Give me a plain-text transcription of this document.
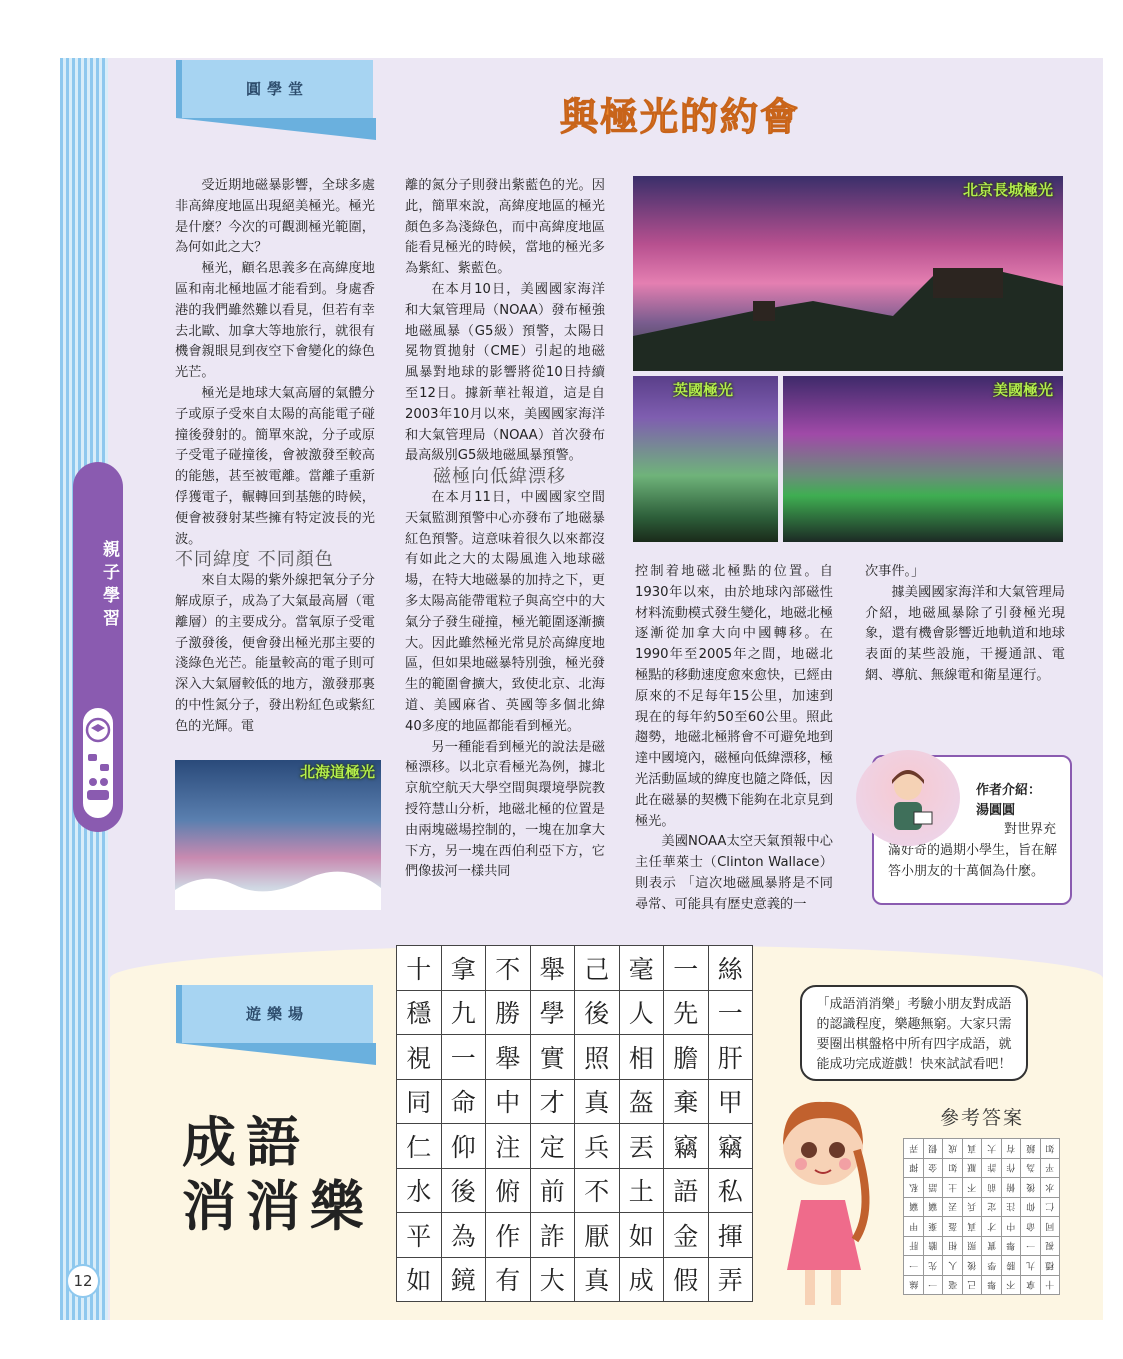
親子學習
12
圓學堂
與極光的約會

受近期地磁暴影響，全球多處非高緯度地區出現絕美極光。極光是什麼？今次的可觀測極光範圍，為何如此之大？

極光，顧名思義多在高緯度地區和南北極地區才能看到。身處香港的我們雖然難以看見，但若有幸去北歐、加拿大等地旅行，就很有機會親眼見到夜空下會變化的綠色光芒。

極光是地球大氣高層的氣體分子或原子受來自太陽的高能電子碰撞後發射的。簡單來說，分子或原子受電子碰撞後，會被激發至較高的能態，甚至被電離。當離子重新俘獲電子，輾轉回到基態的時候，便會被發射某些擁有特定波長的光波。

不同緯度 不同顏色

來自太陽的紫外線把氧分子分解成原子，成為了大氣最高層（電離層）的主要成分。當氧原子受電子激發後，便會發出極光那主要的淺綠色光芒。能量較高的電子則可深入大氣層較低的地方，激發那裏的中性氮分子，發出粉紅色或紫紅色的光輝。電

離的氮分子則發出紫藍色的光。因此，簡單來說，高緯度地區的極光顏色多為淺綠色，而中高緯度地區能看見極光的時候，當地的極光多為紫紅、紫藍色。

在本月10日，美國國家海洋和大氣管理局（NOAA）發布極強地磁風暴（G5級）預警，太陽日冕物質拋射（CME）引起的地磁風暴對地球的影響將從10日持續至12日。據新華社報道，這是自2003年10月以來，美國國家海洋和大氣管理局（NOAA）首次發布最高級別G5級地磁風暴預警。

磁極向低緯漂移

在本月11日，中國國家空間天氣監測預警中心亦發布了地磁暴紅色預警。這意味着很久以來都沒有如此之大的太陽風進入地球磁場，在特大地磁暴的加持之下，更多太陽高能帶電粒子與高空中的大氣分子發生碰撞，極光範圍逐漸擴大。因此雖然極光常見於高緯度地區，但如果地磁暴特別強，極光發生的範圍會擴大，致使北京、北海道、美國麻省、英國等多個北緯40多度的地區都能看到極光。

另一種能看到極光的說法是磁極漂移。以北京看極光為例，據北京航空航天大學空間與環境學院教授符慧山分析，地磁北極的位置是由兩塊磁場控制的，一塊在加拿大下方，另一塊在西伯利亞下方，它們像拔河一樣共同

控制着地磁北極點的位置。自1930年以來，由於地球內部磁性材料流動模式發生變化，地磁北極逐漸從加拿大向中國轉移。在1990年至2005年之間，地磁北極點的移動速度愈來愈快，已經由原來的不足每年15公里，加速到現在的每年約50至60公里。照此趨勢，地磁北極將會不可避免地到達中國境內，磁極向低緯漂移，極光活動區域的緯度也隨之降低，因此在磁暴的契機下能夠在北京見到極光。

美國NOAA太空天氣預報中心主任華萊士（Clinton Wallace）則表示 「這次地磁風暴將是不同尋常、可能具有歷史意義的一

次事件。」

據美國國家海洋和大氣管理局介紹，地磁風暴除了引發極光現象，還有機會影響近地軌道和地球表面的某些設施，干擾通訊、電網、導航、無線電和衛星運行。

北京長城極光
英國極光	美國極光
北海道極光
作者介紹：
湯圓圓
對世界充滿好奇的過期小學生，旨在解答小朋友的十萬個為什麼。
遊樂場
成語
消消樂
十	拿	不	舉	己	毫	一	絲
穩	九	勝	學	後	人	先	一
視	一	舉	實	照	相	膽	肝
同	命	中	才	真	盔	棄	甲
仁	仰	注	定	兵	丟	竊	竊
水	後	俯	前	不	土	語	私
平	為	作	詐	厭	如	金	揮
如	鏡	有	大	真	成	假	弄
「成語消消樂」考驗小朋友對成語的認識程度，樂趣無窮。大家只需要圈出棋盤格中所有四字成語，就能成功完成遊戲！快來試試看吧！
參考答案
弄	假	成	真	大	有	鏡	如
揮	金	如	厭	詐	作	為	平
私	語	土	不	前	俯	後	水
竊	竊	丟	兵	定	注	仰	仁
甲	棄	盔	真	才	中	命	同
肝	膽	相	照	實	舉	一	視
一	先	人	後	學	勝	九	穩
絲	一	毫	己	舉	不	拿	十
